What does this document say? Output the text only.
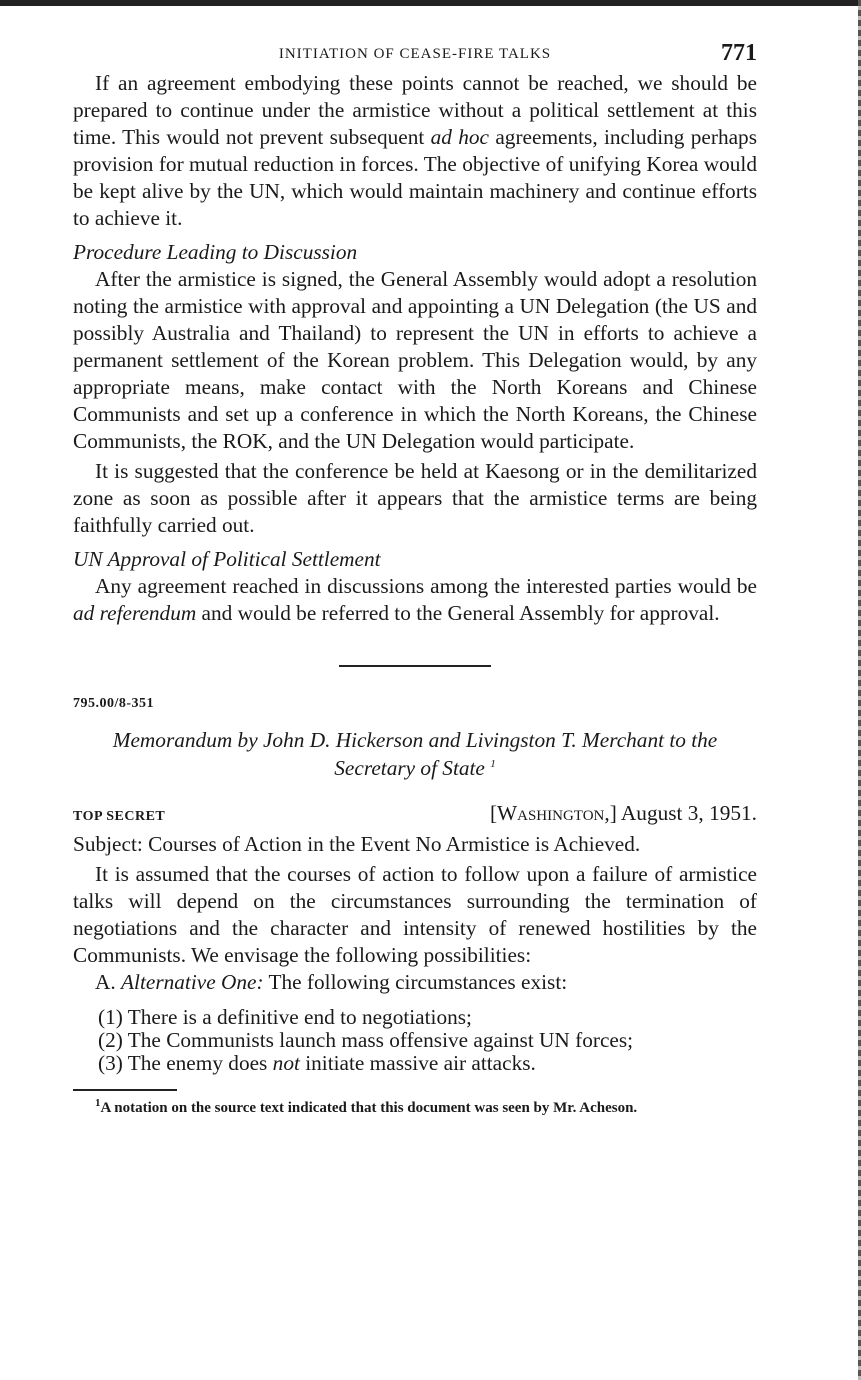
INITIATION OF CEASE-FIRE TALKS	771

If an agreement embodying these points cannot be reached, we should be prepared to continue under the armistice without a political settlement at this time. This would not prevent subsequent ad hoc agreements, including perhaps provision for mutual reduction in forces. The objective of unifying Korea would be kept alive by the UN, which would maintain machinery and continue efforts to achieve it.

Procedure Leading to Discussion

After the armistice is signed, the General Assembly would adopt a resolution noting the armistice with approval and appointing a UN Delegation (the US and possibly Australia and Thailand) to represent the UN in efforts to achieve a permanent settlement of the Korean problem. This Delegation would, by any appropriate means, make contact with the North Koreans and Chinese Communists and set up a conference in which the North Koreans, the Chinese Communists, the ROK, and the UN Delegation would participate.

It is suggested that the conference be held at Kaesong or in the demilitarized zone as soon as possible after it appears that the armistice terms are being faithfully carried out.

UN Approval of Political Settlement

Any agreement reached in discussions among the interested parties would be ad referendum and would be referred to the General Assembly for approval.

795.00/8-351
Memorandum by John D. Hickerson and Livingston T. Merchant to the Secretary of State $^1$
TOP SECRET	[Washington,] August 3, 1951.

Subject: Courses of Action in the Event No Armistice is Achieved.

It is assumed that the courses of action to follow upon a failure of armistice talks will depend on the circumstances surrounding the termination of negotiations and the character and intensity of renewed hostilities by the Communists. We envisage the following possibilities:

A. Alternative One: The following circumstances exist:

(1) There is a definitive end to negotiations;
(2) The Communists launch mass offensive against UN forces;
(3) The enemy does not initiate massive air attacks.
$^1$A notation on the source text indicated that this document was seen by Mr. Acheson.
